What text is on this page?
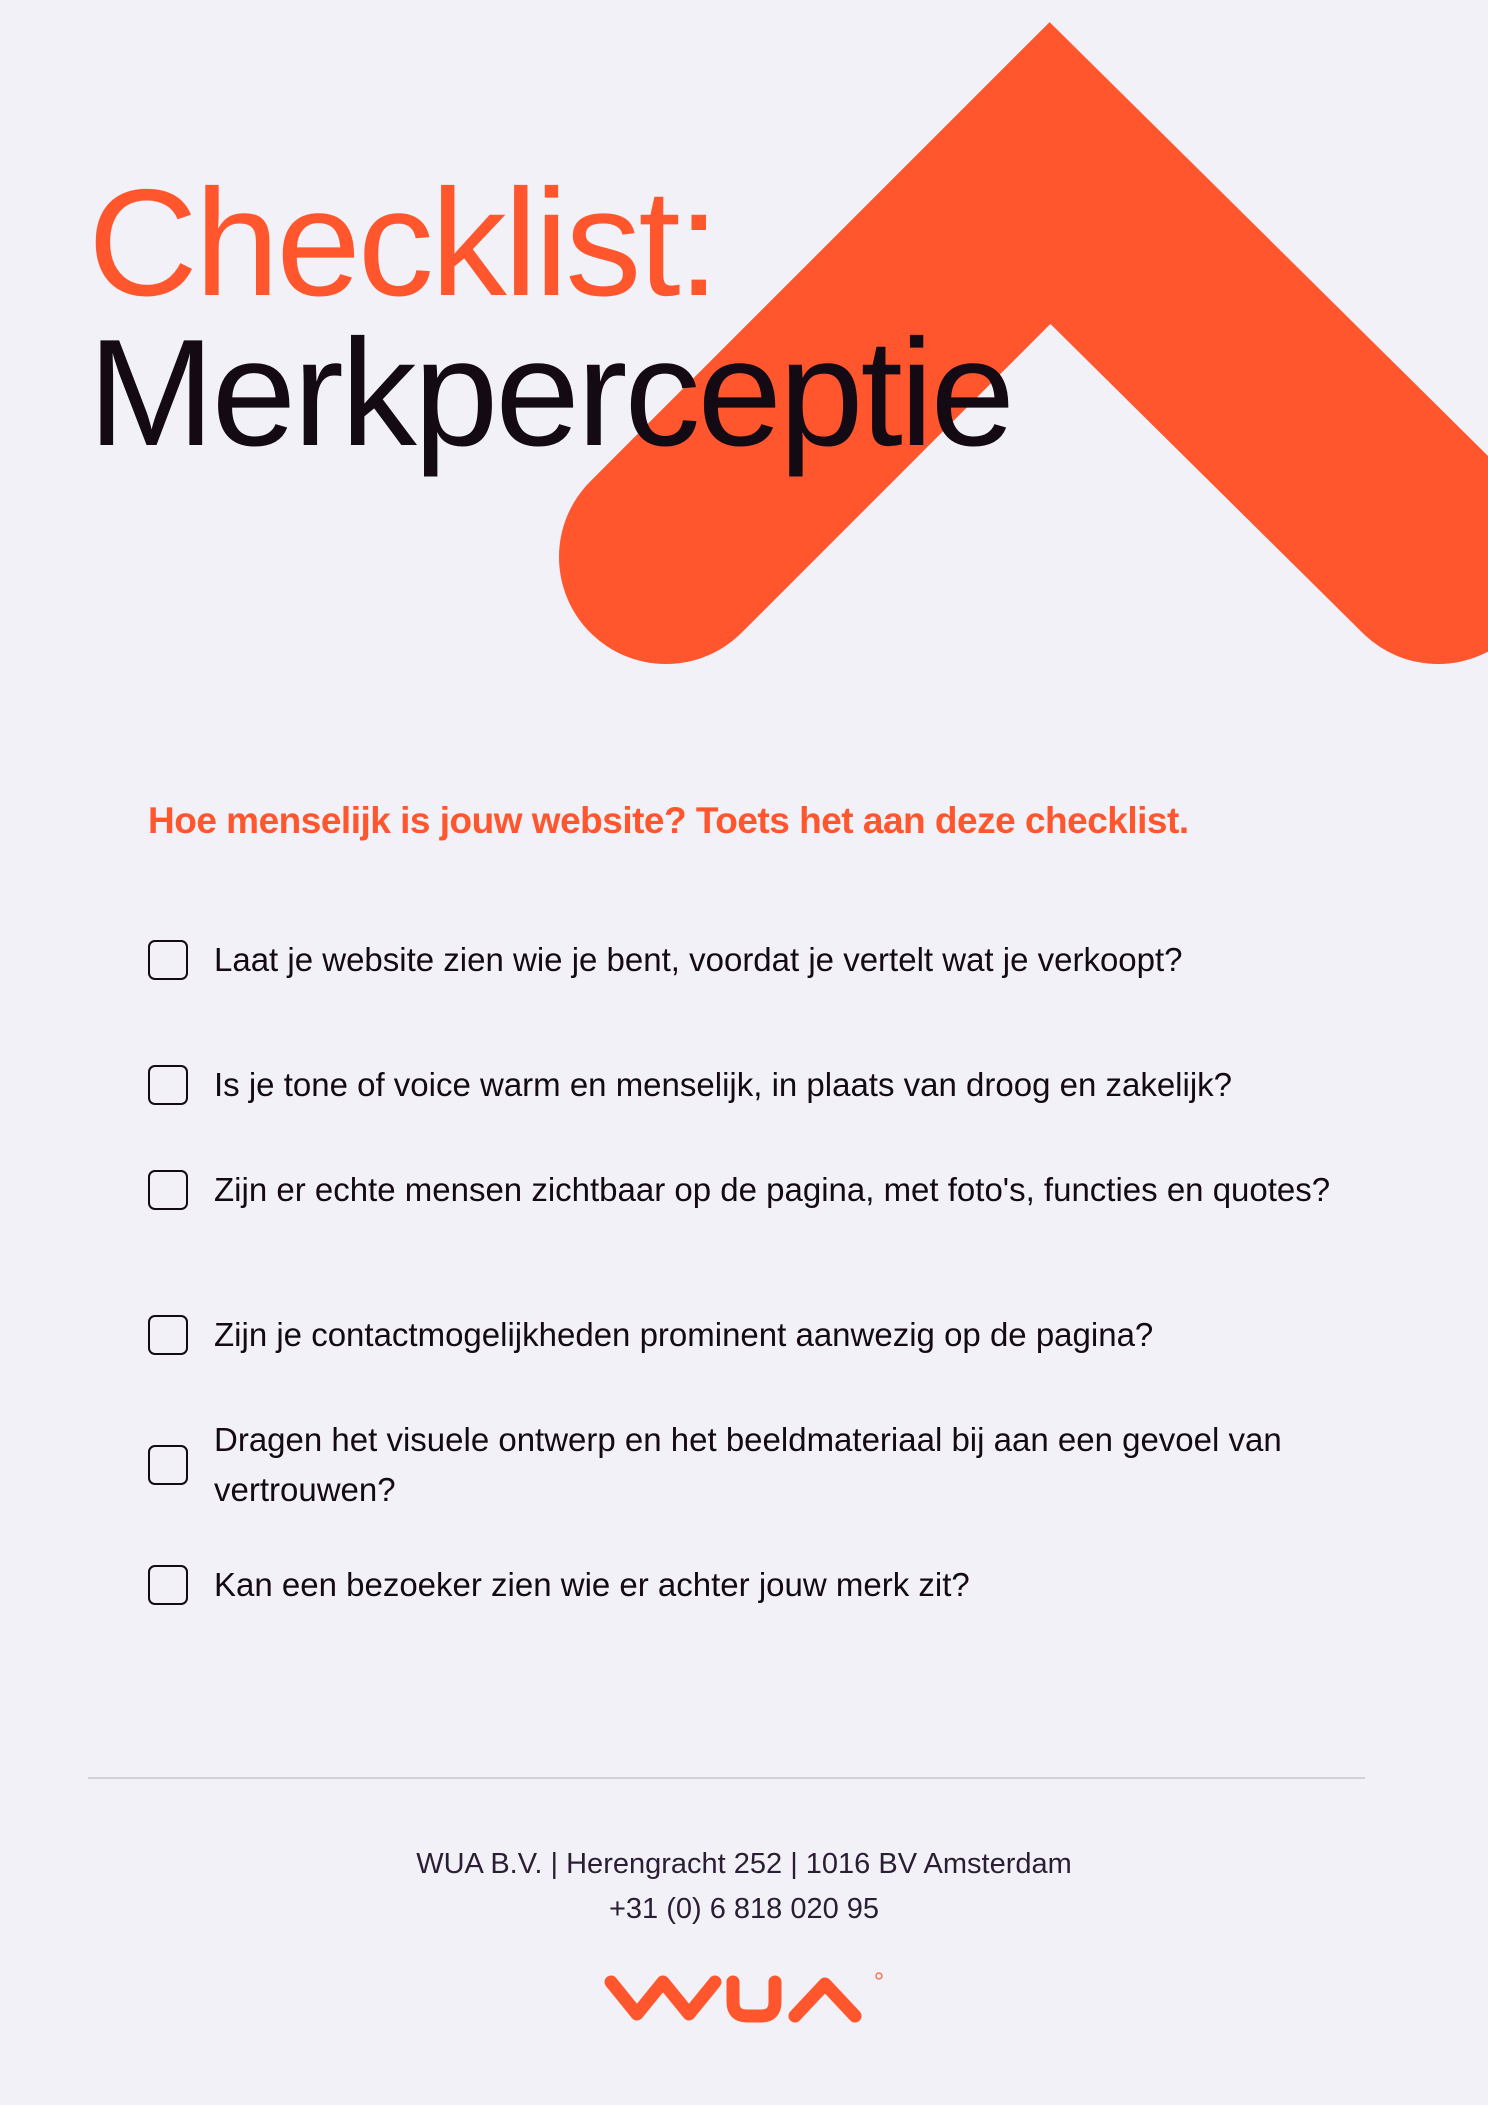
Checklist:
Merkperceptie

Hoe menselijk is jouw website? Toets het aan deze checklist.

Laat je website zien wie je bent, voordat je vertelt wat je verkoopt?
Is je tone of voice warm en menselijk, in plaats van droog en zakelijk?
Zijn er echte mensen zichtbaar op de pagina, met foto's, functies en quotes?
Zijn je contactmogelijkheden prominent aanwezig op de pagina?
Dragen het visuele ontwerp en het beeldmateriaal bij aan een gevoel van vertrouwen?
Kan een bezoeker zien wie er achter jouw merk zit?
WUA B.V. | Herengracht 252 | 1016 BV Amsterdam
+31 (0) 6 818 020 95
